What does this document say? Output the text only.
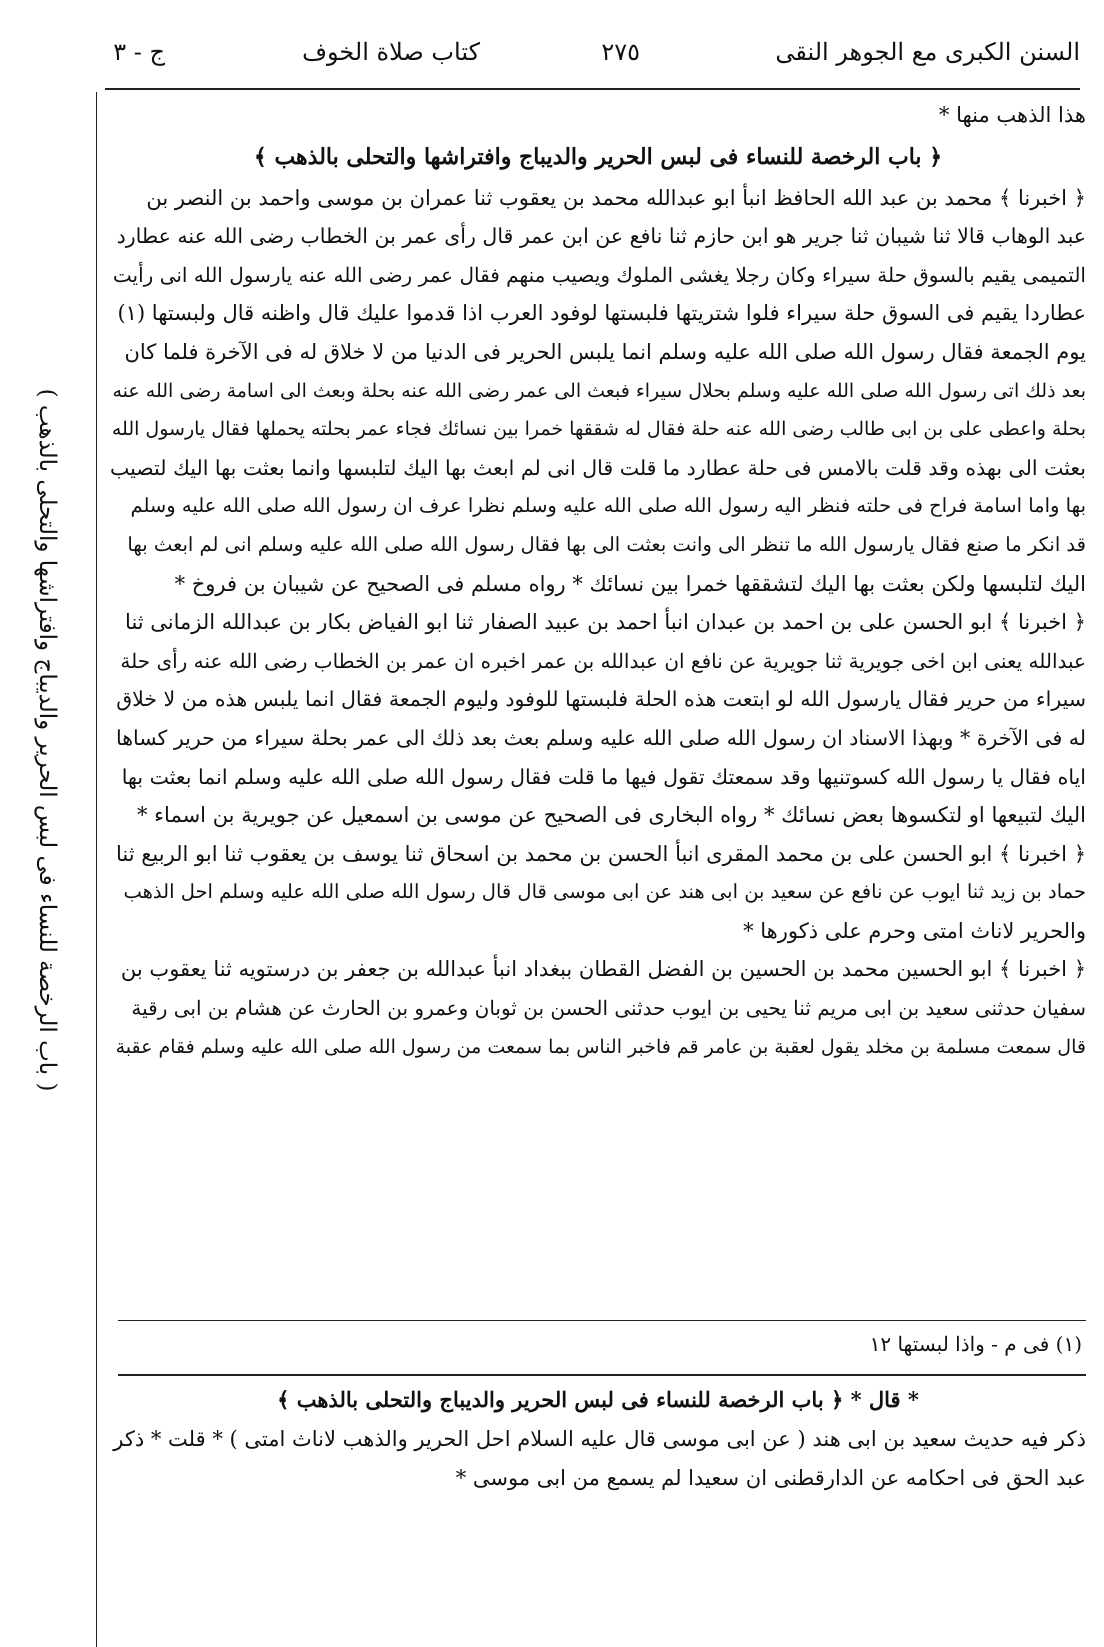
السنن الكبرى مع الجوهر النقى
٢٧٥
كتاب صلاة الخوف
ج - ٣
( باب الرخصة للنساء فى لبس الحرير والديباج وافتراشها والتحلى بالذهب )
هذا الذهب منها *
﴿ باب الرخصة للنساء فى لبس الحرير والديباج وافتراشها والتحلى بالذهب ﴾
﴿ اخبرنا ﴾ محمد بن عبد الله الحافظ انبأ ابو عبدالله محمد بن يعقوب ثنا عمران بن موسى واحمد بن النصر بن
عبد الوهاب قالا ثنا شيبان ثنا جرير هو ابن حازم ثنا نافع عن ابن عمر قال رأى عمر بن الخطاب رضى الله عنه عطارد
التميمى يقيم بالسوق حلة سيراء وكان رجلا يغشى الملوك ويصيب منهم فقال عمر رضى الله عنه يارسول الله انى رأيت
عطاردا يقيم فى السوق حلة سيراء فلوا شتريتها فلبستها لوفود العرب اذا قدموا عليك قال واظنه قال ولبستها (١)
يوم الجمعة فقال رسول الله صلى الله عليه وسلم انما يلبس الحرير فى الدنيا من لا خلاق له فى الآخرة فلما كان
بعد ذلك اتى رسول الله صلى الله عليه وسلم بحلال سيراء فبعث الى عمر رضى الله عنه بحلة وبعث الى اسامة رضى الله عنه
بحلة واعطى على بن ابى طالب رضى الله عنه حلة فقال له شققها خمرا بين نسائك فجاء عمر بحلته يحملها فقال يارسول الله
بعثت الى بهذه وقد قلت بالامس فى حلة عطارد ما قلت قال انى لم ابعث بها اليك لتلبسها وانما بعثت بها اليك لتصيب
بها واما اسامة فراح فى حلته فنظر اليه رسول الله صلى الله عليه وسلم نظرا عرف ان رسول الله صلى الله عليه وسلم
قد انكر ما صنع فقال يارسول الله ما تنظر الى وانت بعثت الى بها فقال رسول الله صلى الله عليه وسلم انى لم ابعث بها
اليك لتلبسها ولكن بعثت بها اليك لتشققها خمرا بين نسائك * رواه مسلم فى الصحيح عن شيبان بن فروخ *
﴿ اخبرنا ﴾ ابو الحسن على بن احمد بن عبدان انبأ احمد بن عبيد الصفار ثنا ابو الفياض بكار بن عبدالله الزمانى ثنا
عبدالله يعنى ابن اخى جويرية ثنا جويرية عن نافع ان عبدالله بن عمر اخبره ان عمر بن الخطاب رضى الله عنه رأى حلة
سيراء من حرير فقال يارسول الله لو ابتعت هذه الحلة فلبستها للوفود وليوم الجمعة فقال انما يلبس هذه من لا خلاق
له فى الآخرة * وبهذا الاسناد ان رسول الله صلى الله عليه وسلم بعث بعد ذلك الى عمر بحلة سيراء من حرير كساها
اياه فقال يا رسول الله كسوتنيها وقد سمعتك تقول فيها ما قلت فقال رسول الله صلى الله عليه وسلم انما بعثت بها
اليك لتبيعها او لتكسوها بعض نسائك * رواه البخارى فى الصحيح عن موسى بن اسمعيل عن جويرية بن اسماء *
﴿ اخبرنا ﴾ ابو الحسن على بن محمد المقرى انبأ الحسن بن محمد بن اسحاق ثنا يوسف بن يعقوب ثنا ابو الربيع ثنا
حماد بن زيد ثنا ايوب عن نافع عن سعيد بن ابى هند عن ابى موسى قال قال رسول الله صلى الله عليه وسلم احل الذهب
والحرير لاناث امتى وحرم على ذكورها *
﴿ اخبرنا ﴾ ابو الحسين محمد بن الحسين بن الفضل القطان ببغداد انبأ عبدالله بن جعفر بن درستويه ثنا يعقوب بن
سفيان حدثنى سعيد بن ابى مريم ثنا يحيى بن ايوب حدثنى الحسن بن ثوبان وعمرو بن الحارث عن هشام بن ابى رقية
قال سمعت مسلمة بن مخلد يقول لعقبة بن عامر قم فاخبر الناس بما سمعت من رسول الله صلى الله عليه وسلم فقام عقبة
(١) فى م - واذا لبستها ١٢
* قال * ﴿ باب الرخصة للنساء فى لبس الحرير والديباج والتحلى بالذهب ﴾
ذكر فيه حديث سعيد بن ابى هند ( عن ابى موسى قال عليه السلام احل الحرير والذهب لاناث امتى ) * قلت * ذكر
عبد الحق فى احكامه عن الدارقطنى ان سعيدا لم يسمع من ابى موسى *
